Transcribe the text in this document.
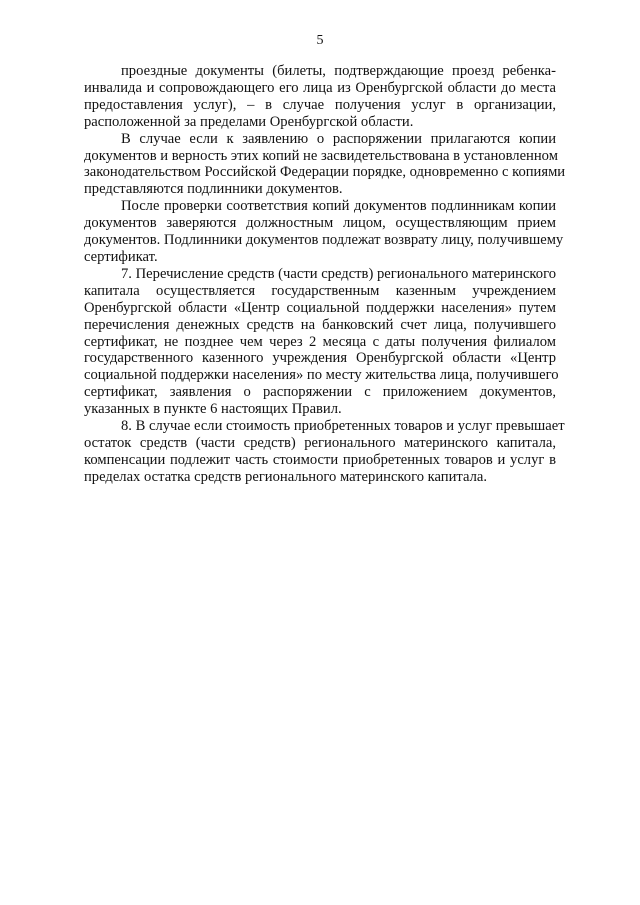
5
проездные документы (билеты, подтверждающие проезд ребенка-
инвалида и сопровождающего его лица из Оренбургской области до места
предоставления услуг), – в случае получения услуг в организации,
расположенной за пределами Оренбургской области.
В случае если к заявлению о распоряжении прилагаются копии
документов и верность этих копий не засвидетельствована в установленном
законодательством Российской Федерации порядке, одновременно с копиями
представляются подлинники документов.
После проверки соответствия копий документов подлинникам копии
документов заверяются должностным лицом, осуществляющим прием
документов. Подлинники документов подлежат возврату лицу, получившему
сертификат.
7. Перечисление средств (части средств) регионального материнского
капитала осуществляется государственным казенным учреждением
Оренбургской области «Центр социальной поддержки населения» путем
перечисления денежных средств на банковский счет лица, получившего
сертификат, не позднее чем через 2 месяца с даты получения филиалом
государственного казенного учреждения Оренбургской области «Центр
социальной поддержки населения» по месту жительства лица, получившего
сертификат, заявления о распоряжении с приложением документов,
указанных в пункте 6 настоящих Правил.
8. В случае если стоимость приобретенных товаров и услуг превышает
остаток средств (части средств) регионального материнского капитала,
компенсации подлежит часть стоимости приобретенных товаров и услуг в
пределах остатка средств регионального материнского капитала.
